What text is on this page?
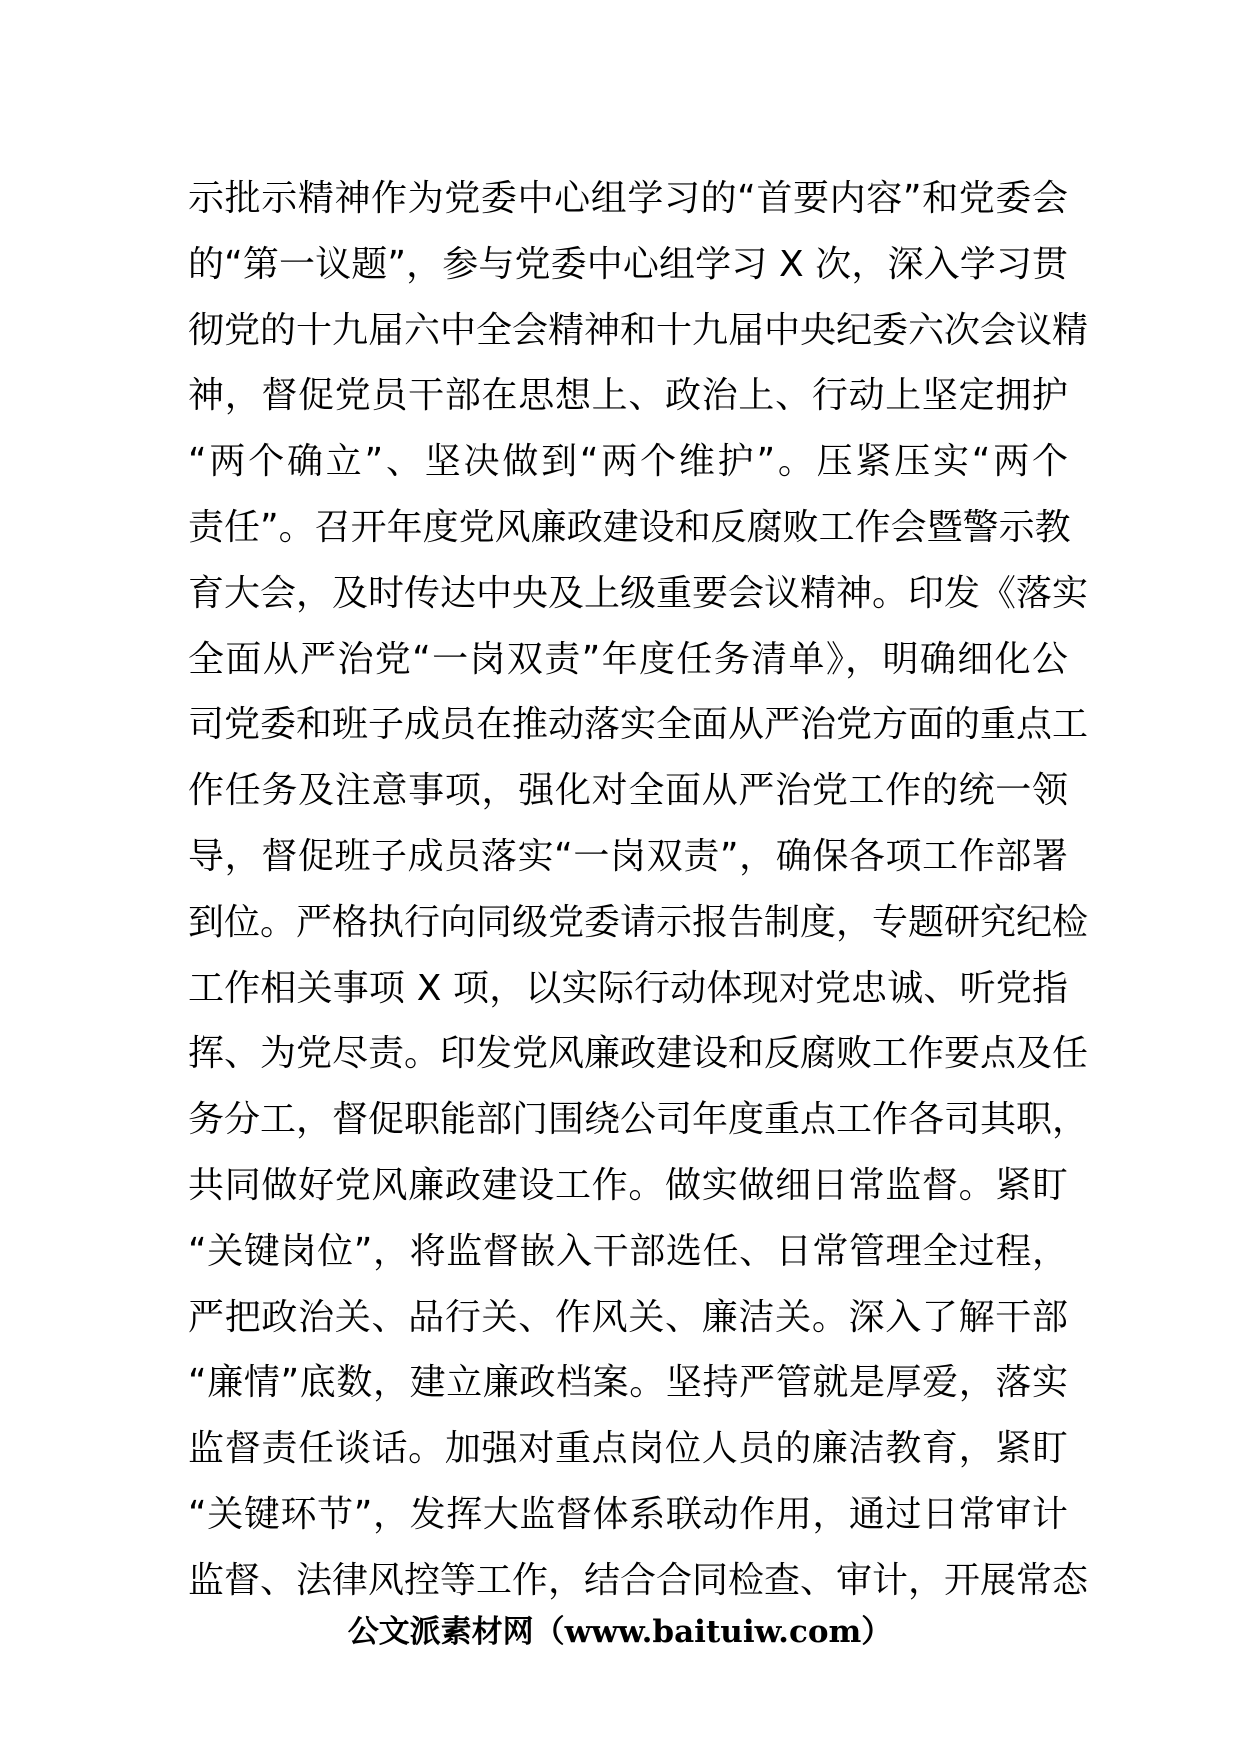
示批示精神作为党委中心组学习的“首要内容”和党委会
的“第一议题”，参与党委中心组学习 X 次，深入学习贯
彻党的十九届六中全会精神和十九届中央纪委六次会议精
神，督促党员干部在思想上、政治上、行动上坚定拥护
“两个确立”、坚决做到“两个维护”。压紧压实“两个
责任”。召开年度党风廉政建设和反腐败工作会暨警示教
育大会，及时传达中央及上级重要会议精神。印发《落实
全面从严治党“一岗双责”年度任务清单》，明确细化公
司党委和班子成员在推动落实全面从严治党方面的重点工
作任务及注意事项，强化对全面从严治党工作的统一领
导，督促班子成员落实“一岗双责”，确保各项工作部署
到位。严格执行向同级党委请示报告制度，专题研究纪检
工作相关事项 X 项，以实际行动体现对党忠诚、听党指
挥、为党尽责。印发党风廉政建设和反腐败工作要点及任
务分工，督促职能部门围绕公司年度重点工作各司其职，
共同做好党风廉政建设工作。做实做细日常监督。紧盯
“关键岗位”，将监督嵌入干部选任、日常管理全过程，
严把政治关、品行关、作风关、廉洁关。深入了解干部
“廉情”底数，建立廉政档案。坚持严管就是厚爱，落实
监督责任谈话。加强对重点岗位人员的廉洁教育，紧盯
“关键环节”，发挥大监督体系联动作用，通过日常审计
监督、法律风控等工作，结合合同检查、审计，开展常态
公文派素材网（www.baituiw.com）
